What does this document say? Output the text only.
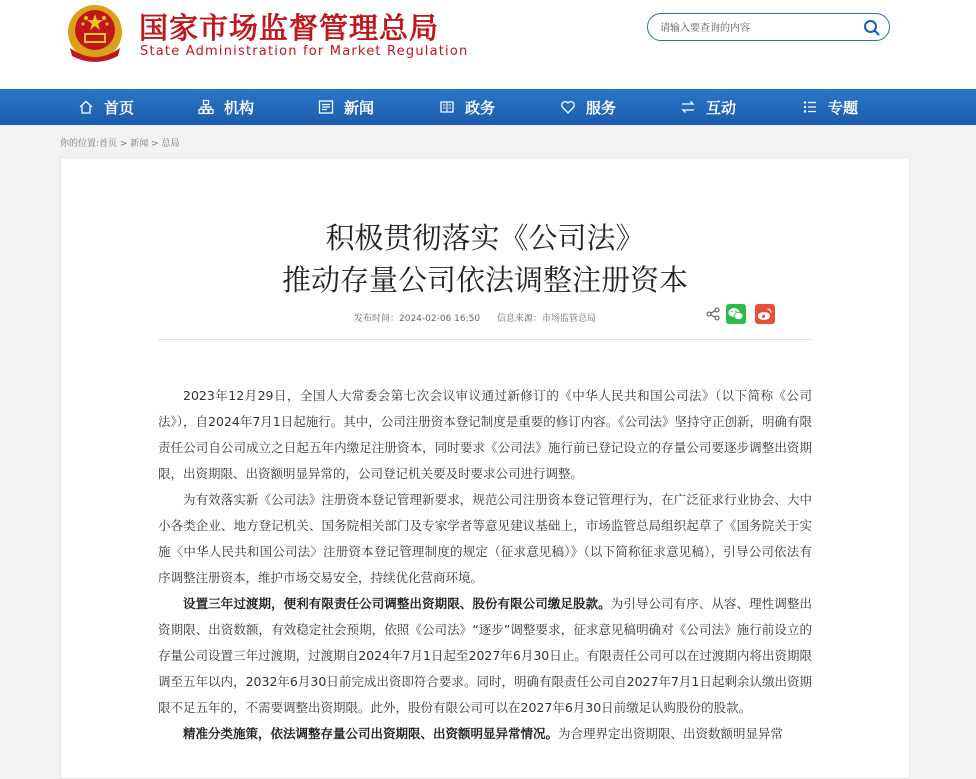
国家市场监督管理总局
State Administration for Market Regulation
请输入要查询的内容
首页	机构	新闻	政务	服务	互动	专题
你的位置:首页 > 新闻 > 总局
积极贯彻落实《公司法》
推动存量公司依法调整注册资本
发布时间：2024-02-06 16:50 信息来源：市场监管总局

2023年12月29日，全国人大常委会第七次会议审议通过新修订的《中华人民共和国公司法》（以下简称《公司法》），自2024年7月1日起施行。其中，公司注册资本登记制度是重要的修订内容。《公司法》坚持守正创新，明确有限责任公司自公司成立之日起五年内缴足注册资本，同时要求《公司法》施行前已登记设立的存量公司要逐步调整出资期限，出资期限、出资额明显异常的，公司登记机关要及时要求公司进行调整。

为有效落实新《公司法》注册资本登记管理新要求，规范公司注册资本登记管理行为，在广泛征求行业协会、大中小各类企业、地方登记机关、国务院相关部门及专家学者等意见建议基础上，市场监管总局组织起草了《国务院关于实施〈中华人民共和国公司法〉注册资本登记管理制度的规定（征求意见稿）》（以下简称征求意见稿），引导公司依法有序调整注册资本，维护市场交易安全，持续优化营商环境。

设置三年过渡期，便利有限责任公司调整出资期限、股份有限公司缴足股款。为引导公司有序、从容、理性调整出资期限、出资数额，有效稳定社会预期，依照《公司法》“逐步”调整要求，征求意见稿明确对《公司法》施行前设立的存量公司设置三年过渡期，过渡期自2024年7月1日起至2027年6月30日止。有限责任公司可以在过渡期内将出资期限调至五年以内，2032年6月30日前完成出资即符合要求。同时，明确有限责任公司自2027年7月1日起剩余认缴出资期限不足五年的，不需要调整出资期限。此外，股份有限公司可以在2027年6月30日前缴足认购股份的股款。

精准分类施策，依法调整存量公司出资期限、出资额明显异常情况。为合理界定出资期限、出资数额明显异常
